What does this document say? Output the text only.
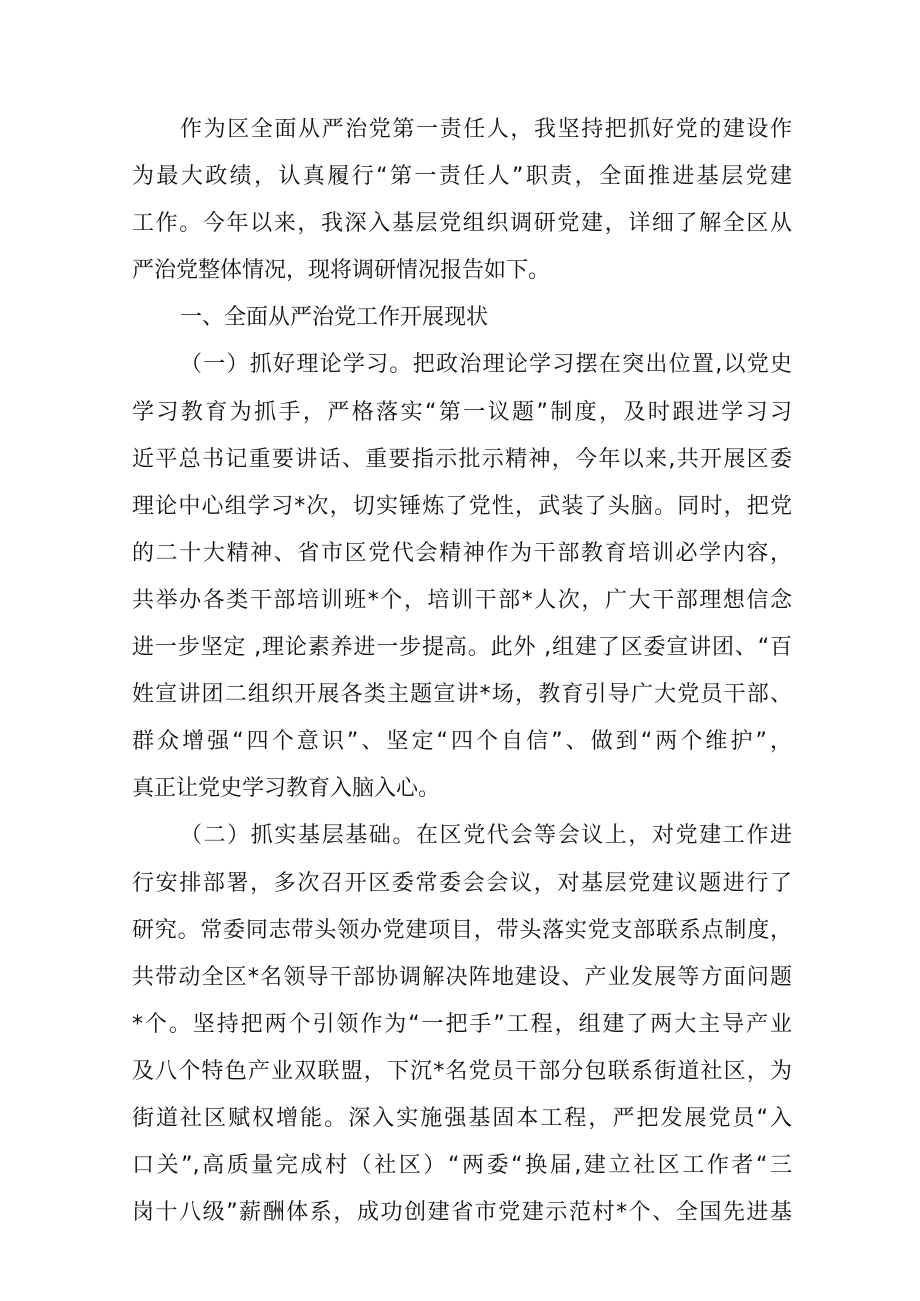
作为区全面从严治党第一责任人，我坚持把抓好党的建设作
为最大政绩，认真履行“第一责任人”职责，全面推进基层党建
工作。今年以来，我深入基层党组织调研党建，详细了解全区从
严治党整体情况，现将调研情况报告如下。
一、全面从严治党工作开展现状
（一）抓好理论学习。把政治理论学习摆在突出位置,以党史
学习教育为抓手，严格落实“第一议题”制度，及时跟进学习习
近平总书记重要讲话、重要指示批示精神，今年以来,共开展区委
理论中心组学习*次，切实锤炼了党性，武装了头脑。同时，把党
的二十大精神、省市区党代会精神作为干部教育培训必学内容，
共举办各类干部培训班*个，培训干部*人次，广大干部理想信念
进一步坚定 ,理论素养进一步提高。此外 ,组建了区委宣讲团、“百
姓宣讲团二组织开展各类主题宣讲*场，教育引导广大党员干部、
群众增强“四个意识”、坚定“四个自信”、做到“两个维护”，
真正让党史学习教育入脑入心。
（二）抓实基层基础。在区党代会等会议上，对党建工作进
行安排部署，多次召开区委常委会会议，对基层党建议题进行了
研究。常委同志带头领办党建项目，带头落实党支部联系点制度，
共带动全区*名领导干部协调解决阵地建设、产业发展等方面问题
*个。坚持把两个引领作为“一把手”工程，组建了两大主导产业
及八个特色产业双联盟，下沉*名党员干部分包联系街道社区，为
街道社区赋权增能。深入实施强基固本工程，严把发展党员“入
口关”,高质量完成村（社区）“两委“换届,建立社区工作者“三
岗十八级”薪酬体系，成功创建省市党建示范村*个、全国先进基
